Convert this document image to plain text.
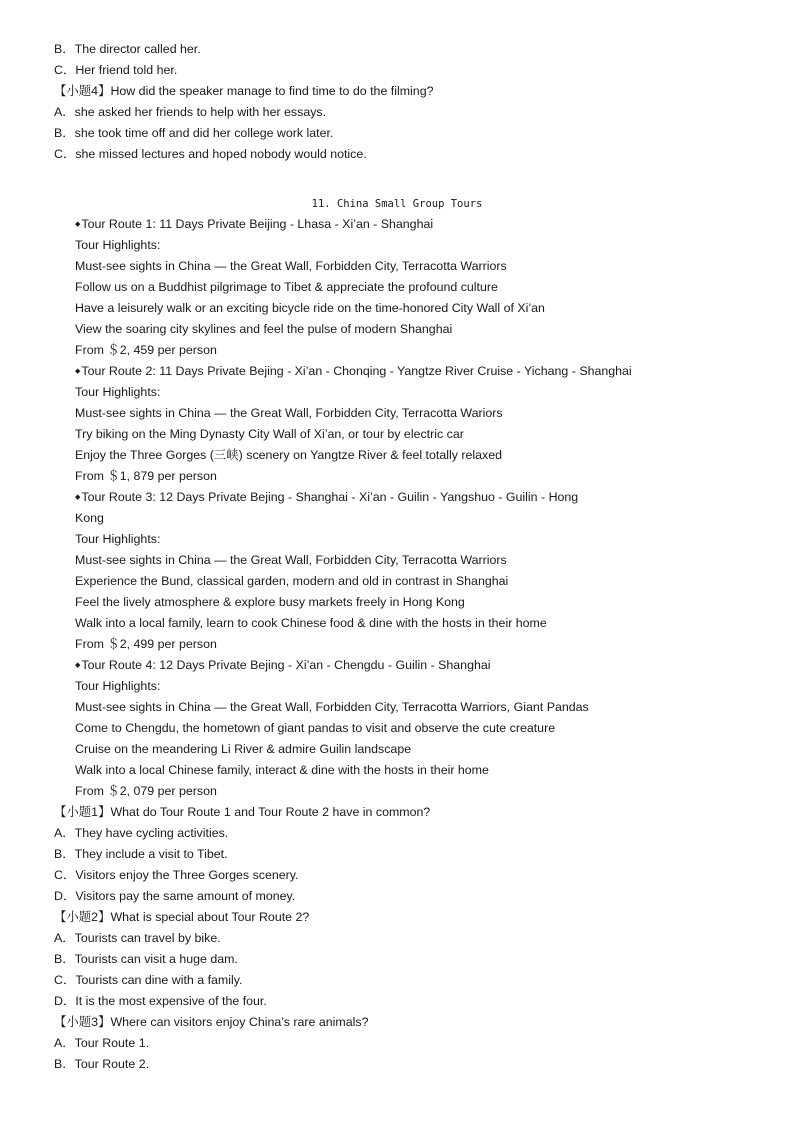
B．The director called her.
C．Her friend told her.
【小题4】How did the speaker manage to find time to do the filming?
A．she asked her friends to help with her essays.
B．she took time off and did her college work later.
C．she missed lectures and hoped nobody would notice.
11. China Small Group Tours
◆Tour Route 1: 11 Days Private Beijing - Lhasa - Xi’an - Shanghai
Tour Highlights:
Must-see sights in China — the Great Wall, Forbidden City, Terracotta Warriors
Follow us on a Buddhist pilgrimage to Tibet & appreciate the profound culture
Have a leisurely walk or an exciting bicycle ride on the time-honored City Wall of Xi’an
View the soaring city skylines and feel the pulse of modern Shanghai
From ＄2, 459 per person
◆Tour Route 2: 11 Days Private Bejing - Xi’an - Chonqing - Yangtze River Cruise - Yichang - Shanghai
Tour Highlights:
Must-see sights in China — the Great Wall, Forbidden City, Terracotta Wariors
Try biking on the Ming Dynasty City Wall of Xi’an, or tour by electric car
Enjoy the Three Gorges (三峡) scenery on Yangtze River & feel totally relaxed
From ＄1, 879 per person
◆Tour Route 3: 12 Days Private Bejing - Shanghai - Xi’an - Guilin - Yangshuo - Guilin - Hong
Kong
Tour Highlights:
Must-see sights in China — the Great Wall, Forbidden City, Terracotta Warriors
Experience the Bund, classical garden, modern and old in contrast in Shanghai
Feel the lively atmosphere & explore busy markets freely in Hong Kong
Walk into a local family, learn to cook Chinese food & dine with the hosts in their home
From ＄2, 499 per person
◆Tour Route 4: 12 Days Private Bejing - Xi’an - Chengdu - Guilin - Shanghai
Tour Highlights:
Must-see sights in China — the Great Wall, Forbidden City, Terracotta Warriors, Giant Pandas
Come to Chengdu, the hometown of giant pandas to visit and observe the cute creature
Cruise on the meandering Li River & admire Guilin landscape
Walk into a local Chinese family, interact & dine with the hosts in their home
From ＄2, 079 per person
【小题1】What do Tour Route 1 and Tour Route 2 have in common?
A．They have cycling activities.
B．They include a visit to Tibet.
C．Visitors enjoy the Three Gorges scenery.
D．Visitors pay the same amount of money.
【小题2】What is special about Tour Route 2?
A．Tourists can travel by bike.
B．Tourists can visit a huge dam.
C．Tourists can dine with a family.
D．It is the most expensive of the four.
【小题3】Where can visitors enjoy China’s rare animals?
A．Tour Route 1.
B．Tour Route 2.
